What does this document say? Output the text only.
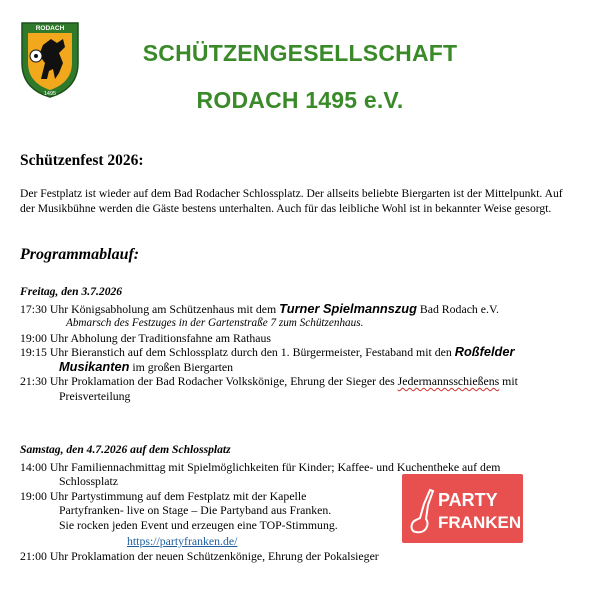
RODACH
1495
SCHÜTZENGESELLSCHAFT
RODACH 1495 e.V.
Schützenfest 2026:
Der Festplatz ist wieder auf dem Bad Rodacher Schlossplatz. Der allseits beliebte Biergarten ist der Mittelpunkt. Auf der Musikbühne werden die Gäste bestens unterhalten. Auch für das leibliche Wohl ist in bekannter Weise gesorgt.
Programmablauf:
Freitag, den 3.7.2026
17:30 Uhr Königsabholung am Schützenhaus mit dem Turner Spielmannszug Bad Rodach e.V.
Abmarsch des Festzuges in der Gartenstraße 7 zum Schützenhaus.
19:00 Uhr Abholung der Traditionsfahne am Rathaus
19:15 Uhr Bieranstich auf dem Schlossplatz durch den 1. Bürgermeister, Festaband mit den Roßfelder
Musikanten im großen Biergarten
21:30 Uhr Proklamation der Bad Rodacher Volkskönige, Ehrung der Sieger des Jedermannsschießens mit
Preisverteilung
Samstag, den 4.7.2026 auf dem Schlossplatz
14:00 Uhr Familiennachmittag mit Spielmöglichkeiten für Kinder; Kaffee- und Kuchentheke auf dem
Schlossplatz
19:00 Uhr Partystimmung auf dem Festplatz mit der Kapelle
Partyfranken- live on Stage – Die Partyband aus Franken.
Sie rocken jeden Event und erzeugen eine TOP-Stimmung.
https://partyfranken.de/
21:00 Uhr Proklamation der neuen Schützenkönige, Ehrung der Pokalsieger
PARTY
FRANKEN
